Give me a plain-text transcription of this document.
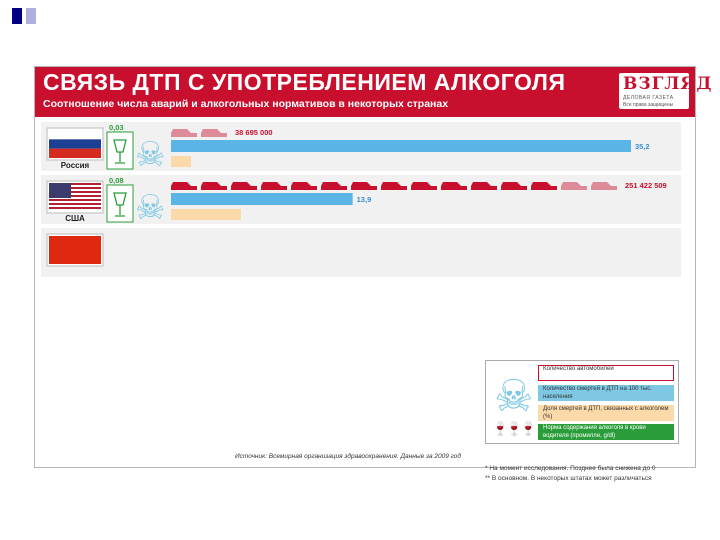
СВЯЗЬ ДТП С УПОТРЕБЛЕНИЕМ АЛКОГОЛЯ
Соотношение числа аварий и алкогольных нормативов в некоторых странах
ВЗГЛЯД
ДЕЛОВАЯ ГАЗЕТА
Все права защищены
Россия
0,03
☠
38 695 000
35,2
США
0,08
☠
251 422 509
13,9
☠
🍷🍷🍷
Количество автомобилей
Количество смертей в ДТП на 100 тыс. населения
Доля смертей в ДТП, связанных с алкоголем (%)
Норма содержания алкоголя в крови водителя (промилле, g/dl)
* На момент исследования. Позднее была снижена до 0
** В основном. В некоторых штатах может различаться
Источник: Всемирная организация здравоохранения. Данные за 2009 год
